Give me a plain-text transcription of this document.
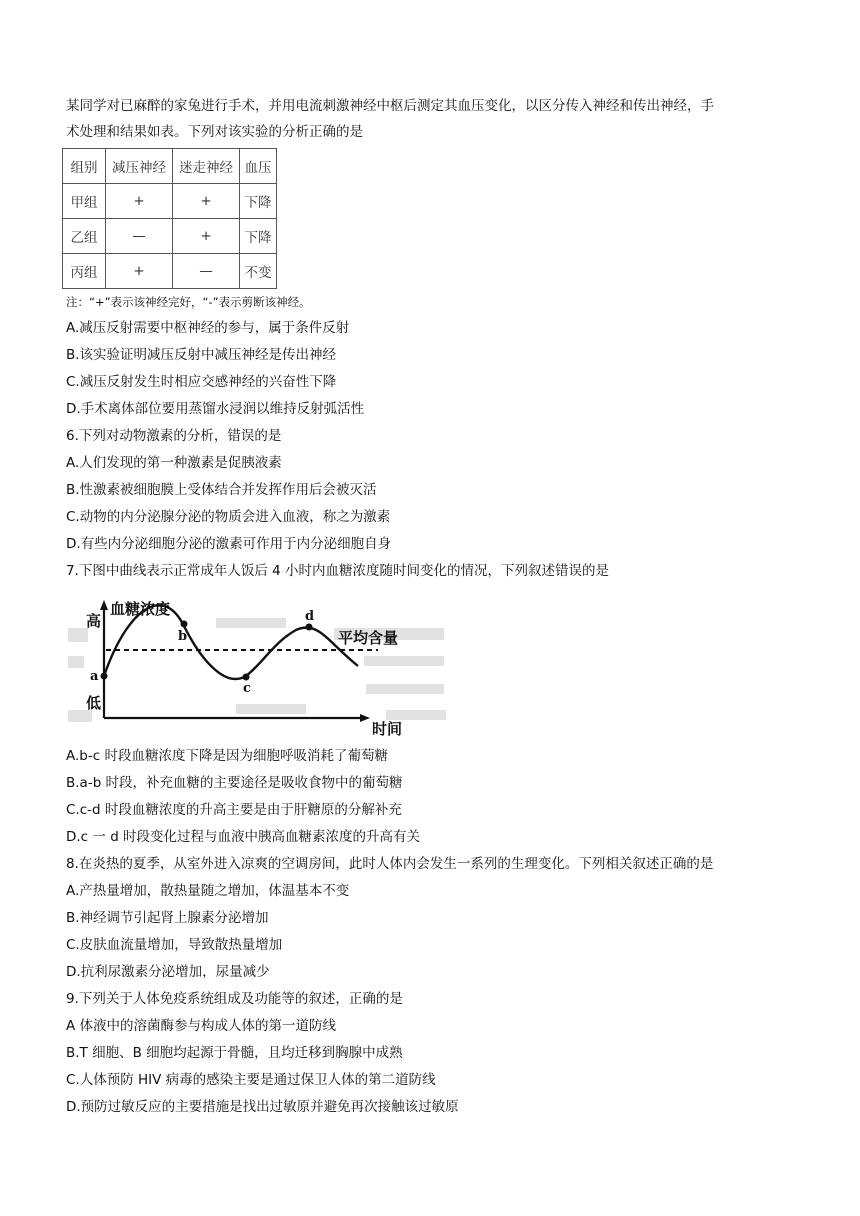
某同学对已麻醉的家兔进行手术，并用电流刺激神经中枢后测定其血压变化，以区分传入神经和传出神经，手
术处理和结果如表。下列对该实验的分析正确的是
组别	减压神经	迷走神经	血压
甲组	+	+	下降
乙组	—	+	下降
丙组	+	—	不变
注：“+”表示该神经完好，“-”表示剪断该神经。
A.减压反射需要中枢神经的参与，属于条件反射
B.该实验证明减压反射中减压神经是传出神经
C.减压反射发生时相应交感神经的兴奋性下降
D.手术离体部位要用蒸馏水浸润以维持反射弧活性
6.下列对动物激素的分析，错误的是
A.人们发现的第一种激素是促胰液素
B.性激素被细胞膜上受体结合并发挥作用后会被灭活
C.动物的内分泌腺分泌的物质会进入血液，称之为激素
D.有些内分泌细胞分泌的激素可作用于内分泌细胞自身
7.下图中曲线表示正常成年人饭后 4 小时内血糖浓度随时间变化的情况，下列叙述错误的是
高
血糖浓度
低
a
b
c
d
平均含量
时间
A.b-c 时段血糖浓度下降是因为细胞呼吸消耗了葡萄糖
B.a-b 时段，补充血糖的主要途径是吸收食物中的葡萄糖
C.c-d 时段血糖浓度的升高主要是由于肝糖原的分解补充
D.c 一 d 时段变化过程与血液中胰高血糖素浓度的升高有关
8.在炎热的夏季，从室外进入凉爽的空调房间，此时人体内会发生一系列的生理变化。下列相关叙述正确的是
A.产热量增加，散热量随之增加，体温基本不变
B.神经调节引起肾上腺素分泌增加
C.皮肤血流量增加，导致散热量增加
D.抗利尿激素分泌增加，尿量减少
9.下列关于人体免疫系统组成及功能等的叙述，正确的是
A 体液中的溶菌酶参与构成人体的第一道防线
B.T 细胞、B 细胞均起源于骨髓，且均迁移到胸腺中成熟
C.人体预防 HIV 病毒的感染主要是通过保卫人体的第二道防线
D.预防过敏反应的主要措施是找出过敏原并避免再次接触该过敏原
